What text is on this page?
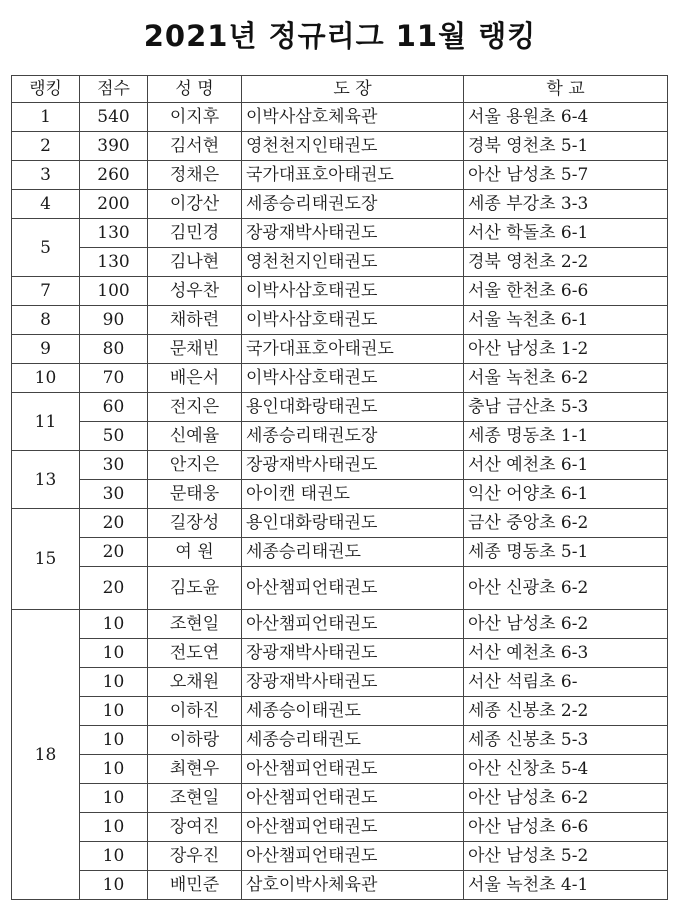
2021년 정규리그 11월 랭킹
랭킹	점수	성 명	도 장	학 교
1	540	이지후	이박사삼호체육관	서울 용원초 6-4
2	390	김서현	영천천지인태권도	경북 영천초 5-1
3	260	정채은	국가대표호아태권도	아산 남성초 5-7
4	200	이강산	세종승리태권도장	세종 부강초 3-3
5	130	김민경	장광재박사태권도	서산 학돌초 6-1
	130	김나현	영천천지인태권도	경북 영천초 2-2
7	100	성우찬	이박사삼호태권도	서울 한천초 6-6
8	90	채하련	이박사삼호태권도	서울 녹천초 6-1
9	80	문채빈	국가대표호아태권도	아산 남성초 1-2
10	70	배은서	이박사삼호태권도	서울 녹천초 6-2
11	60	전지은	용인대화랑태권도	충남 금산초 5-3
	50	신예율	세종승리태권도장	세종 명동초 1-1
13	30	안지은	장광재박사태권도	서산 예천초 6-1
	30	문태웅	아이캔 태권도	익산 어양초 6-1
15	20	길장성	용인대화랑태권도	금산 중앙초 6-2
	20	여 원	세종승리태권도	세종 명동초 5-1
	20	김도윤	아산챔피언태권도	아산 신광초 6-2
18	10	조현일	아산챔피언태권도	아산 남성초 6-2
	10	전도연	장광재박사태권도	서산 예천초 6-3
	10	오채원	장광재박사태권도	서산 석림초 6-
	10	이하진	세종승이태권도	세종 신봉초 2-2
	10	이하랑	세종승리태권도	세종 신봉초 5-3
	10	최현우	아산챔피언태권도	아산 신창초 5-4
	10	조현일	아산챔피언태권도	아산 남성초 6-2
	10	장여진	아산챔피언태권도	아산 남성초 6-6
	10	장우진	아산챔피언태권도	아산 남성초 5-2
	10	배민준	삼호이박사체육관	서울 녹천초 4-1
